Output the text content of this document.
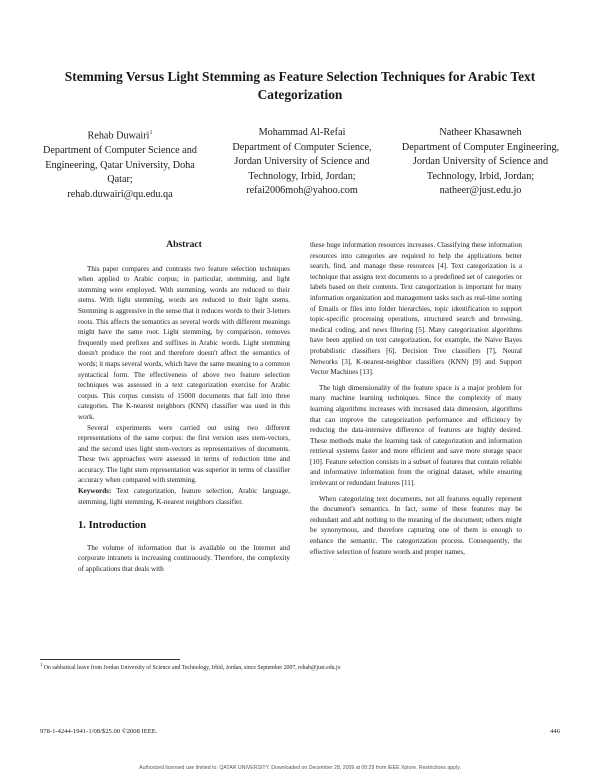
Stemming Versus Light Stemming as Feature Selection Techniques for Arabic Text Categorization
Rehab Duwairi$^1$
Department of Computer Science and Engineering, Qatar University, Doha Qatar;
rehab.duwairi@qu.edu.qa
Mohammad Al-Refai
Department of Computer Science, Jordan University of Science and Technology, Irbid, Jordan;
refai2006moh@yahoo.com
Natheer Khasawneh
Department of Computer Engineering, Jordan University of Science and Technology, Irbid, Jordan;
natheer@just.edu.jo
Abstract

This paper compares and contrasts two feature selection techniques when applied to Arabic corpus; in particular, stemming, and light stemming were employed. With stemming, words are reduced to their stems. With light stemming, words are reduced to their light stems. Stemming is aggressive in the sense that it reduces words to their 3-letters roots. This affects the semantics as several words with different meanings might have the same root. Light stemming, by comparison, removes frequently used prefixes and suffixes in Arabic words. Light stemming doesn't produce the root and therefore doesn't affect the semantics of words; it maps several words, which have the same meaning to a common syntactical form. The effectiveness of above two feature selection techniques was assessed in a text categorization exercise for Arabic corpus. This corpus consists of 15000 documents that fall into three categories. The K-nearest neighbors (KNN) classifier was used in this work.

Several experiments were carried out using two different representations of the same corpus: the first version uses stem-vectors, and the second uses light stem-vectors as representatives of documents. These two approaches were assessed in terms of reduction time and accuracy. The light stem representation was superior in terms of classifier accuracy when compared with stemming.

Keywords: Text categorization, feature selection, Arabic language, stemming, light stemming, K-nearest neighbors classifier.

1. Introduction

The volume of information that is available on the Internet and corporate intranets is increasing continuously. Therefore, the complexity of applications that deals with

these huge information resources increases. Classifying these information resources into categories are required to help the applications better search, find, and manage these resources [4]. Text categorization is a technique that assigns text documents to a predefined set of categories or labels based on their contents. Text categorization is important for many information organization and management tasks such as real-time sorting of Emails or files into folder hierarchies, topic identification to support topic-specific processing operations, structured search and browsing, medical coding, and news filtering [5]. Many categorization algorithms have been applied on text categorization, for example, the Naive Bayes probabilistic classifiers [6], Decision Tree classifiers [7], Neural Networks [3], K-nearest-neighbor classifiers (KNN) [9] and Support Vector Machines [13].

The high dimensionality of the feature space is a major problem for many machine learning techniques. Since the complexity of many learning algorithms increases with increased data dimension, algorithms that can improve the categorization performance and efficiency by reducing the data-intensive difference of features are highly desired. These methods make the learning task of categorization and information retrieval systems faster and more efficient and save more storage space [10]. Feature selection consists in a subset of features that contain reliable and informative information from the original dataset, while ensuring irrelevant or redundant features [11].

When categorizing text documents, not all features equally represent the document's semantics. In fact, some of these features may be redundant and add nothing to the meaning of the document; others might be synonymous, and therefore capturing one of them is enough to enhance the semantic. The categorization process. Consequently, the effective selection of feature words and proper names,

$^1$ On sabbatical leave from Jordan University of Science and Technology, Irbid, Jordan, since September 2007, rehab@just.edu.jo
978-1-4244-1941-1/08/$25.00 ©2008 IEEE.	446
Authorized licensed use limited to: QATAR UNIVERSITY. Downloaded on December 28, 2009 at 00:29 from IEEE Xplore. Restrictions apply.
